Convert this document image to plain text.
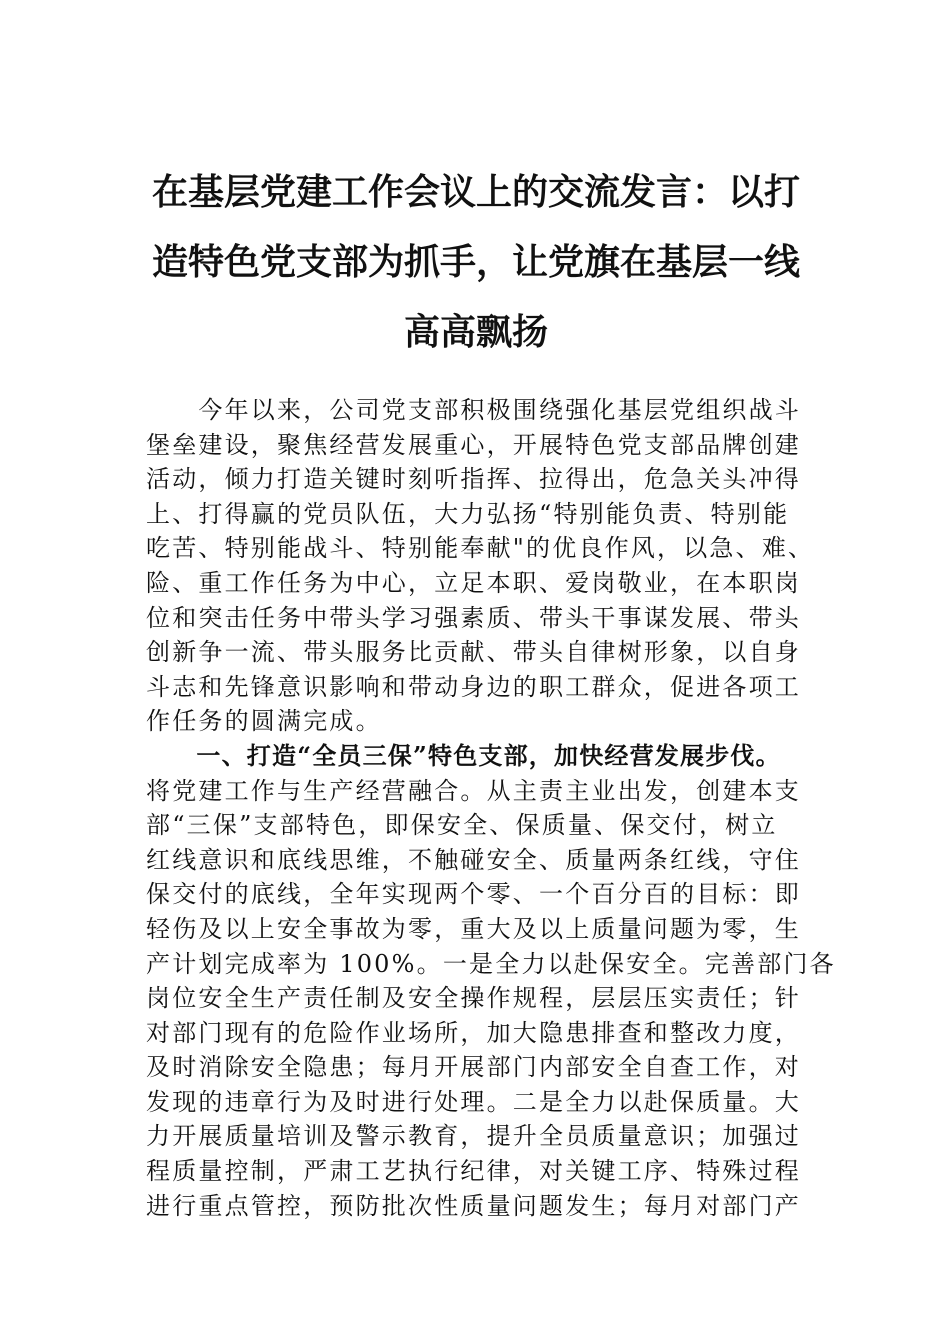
在基层党建工作会议上的交流发言：以打
造特色党支部为抓手，让党旗在基层一线
高高飘扬
　　今年以来，公司党支部积极围绕强化基层党组织战斗
堡垒建设，聚焦经营发展重心，开展特色党支部品牌创建
活动，倾力打造关键时刻听指挥、拉得出，危急关头冲得
上、打得赢的党员队伍，大力弘扬“特别能负责、特别能
吃苦、特别能战斗、特别能奉献"的优良作风，以急、难、
险、重工作任务为中心，立足本职、爱岗敬业，在本职岗
位和突击任务中带头学习强素质、带头干事谋发展、带头
创新争一流、带头服务比贡献、带头自律树形象，以自身
斗志和先锋意识影响和带动身边的职工群众，促进各项工
作任务的圆满完成。
　　一、打造“全员三保”特色支部，加快经营发展步伐。
将党建工作与生产经营融合。从主责主业出发，创建本支
部“三保”支部特色，即保安全、保质量、保交付，树立
红线意识和底线思维，不触碰安全、质量两条红线，守住
保交付的底线，全年实现两个零、一个百分百的目标：即
轻伤及以上安全事故为零，重大及以上质量问题为零，生
产计划完成率为 100%。一是全力以赴保安全。完善部门各
岗位安全生产责任制及安全操作规程，层层压实责任；针
对部门现有的危险作业场所，加大隐患排查和整改力度，
及时消除安全隐患；每月开展部门内部安全自查工作，对
发现的违章行为及时进行处理。二是全力以赴保质量。大
力开展质量培训及警示教育，提升全员质量意识；加强过
程质量控制，严肃工艺执行纪律，对关键工序、特殊过程
进行重点管控，预防批次性质量问题发生；每月对部门产
